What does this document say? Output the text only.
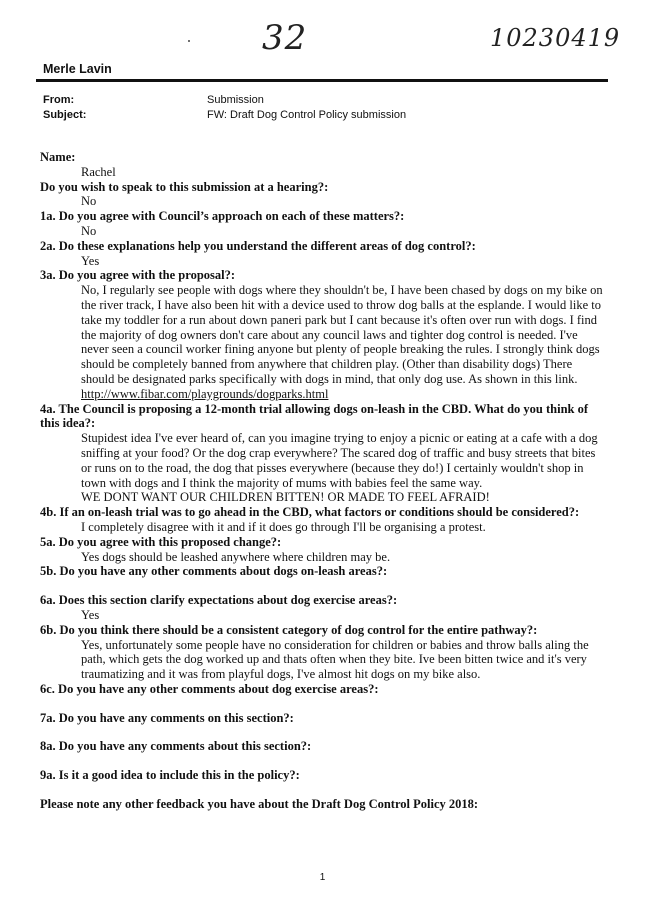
32	10230419
Merle Lavin
From:	Submission
Subject:	FW: Draft Dog Control Policy submission
Name:
Rachel
Do you wish to speak to this submission at a hearing?:
No
1a. Do you agree with Council’s approach on each of these matters?:
No
2a. Do these explanations help you understand the different areas of dog control?:
Yes
3a. Do you agree with the proposal?:
No, I regularly see people with dogs where they shouldn't be, I have been chased by dogs on my bike on the river track, I have also been hit with a device used to throw dog balls at the esplande. I would like to take my toddler for a run about down paneri park but I cant because it's often over run with dogs. I find the majority of dog owners don't care about any council laws and tighter dog control is needed. I've never seen a council worker fining anyone but plenty of people breaking the rules. I strongly think dogs should be completely banned from anywhere that children play. (Other than disability dogs) There should be designated parks specifically with dogs in mind, that only dog use. As shown in this link.
http://www.fibar.com/playgrounds/dogparks.html
4a. The Council is proposing a 12-month trial allowing dogs on-leash in the CBD. What do you think of this idea?:
Stupidest idea I've ever heard of, can you imagine trying to enjoy a picnic or eating at a cafe with a dog sniffing at your food? Or the dog crap everywhere? The scared dog of traffic and busy streets that bites or runs on to the road, the dog that pisses everywhere (because they do!) I certainly wouldn't shop in town with dogs and I think the majority of mums with babies feel the same way.
WE DONT WANT OUR CHILDREN BITTEN! OR MADE TO FEEL AFRAID!
4b. If an on-leash trial was to go ahead in the CBD, what factors or conditions should be considered?:
I completely disagree with it and if it does go through I'll be organising a protest.
5a. Do you agree with this proposed change?:
Yes dogs should be leashed anywhere where children may be.
5b. Do you have any other comments about dogs on-leash areas?:
6a. Does this section clarify expectations about dog exercise areas?:
Yes
6b. Do you think there should be a consistent category of dog control for the entire pathway?:
Yes, unfortunately some people have no consideration for children or babies and throw balls aling the path, which gets the dog worked up and thats often when they bite. Ive been bitten twice and it's very traumatizing and it was from playful dogs, I've almost hit dogs on my bike also.
6c. Do you have any other comments about dog exercise areas?:
7a. Do you have any comments on this section?:
8a. Do you have any comments about this section?:
9a. Is it a good idea to include this in the policy?:
Please note any other feedback you have about the Draft Dog Control Policy 2018:
1
